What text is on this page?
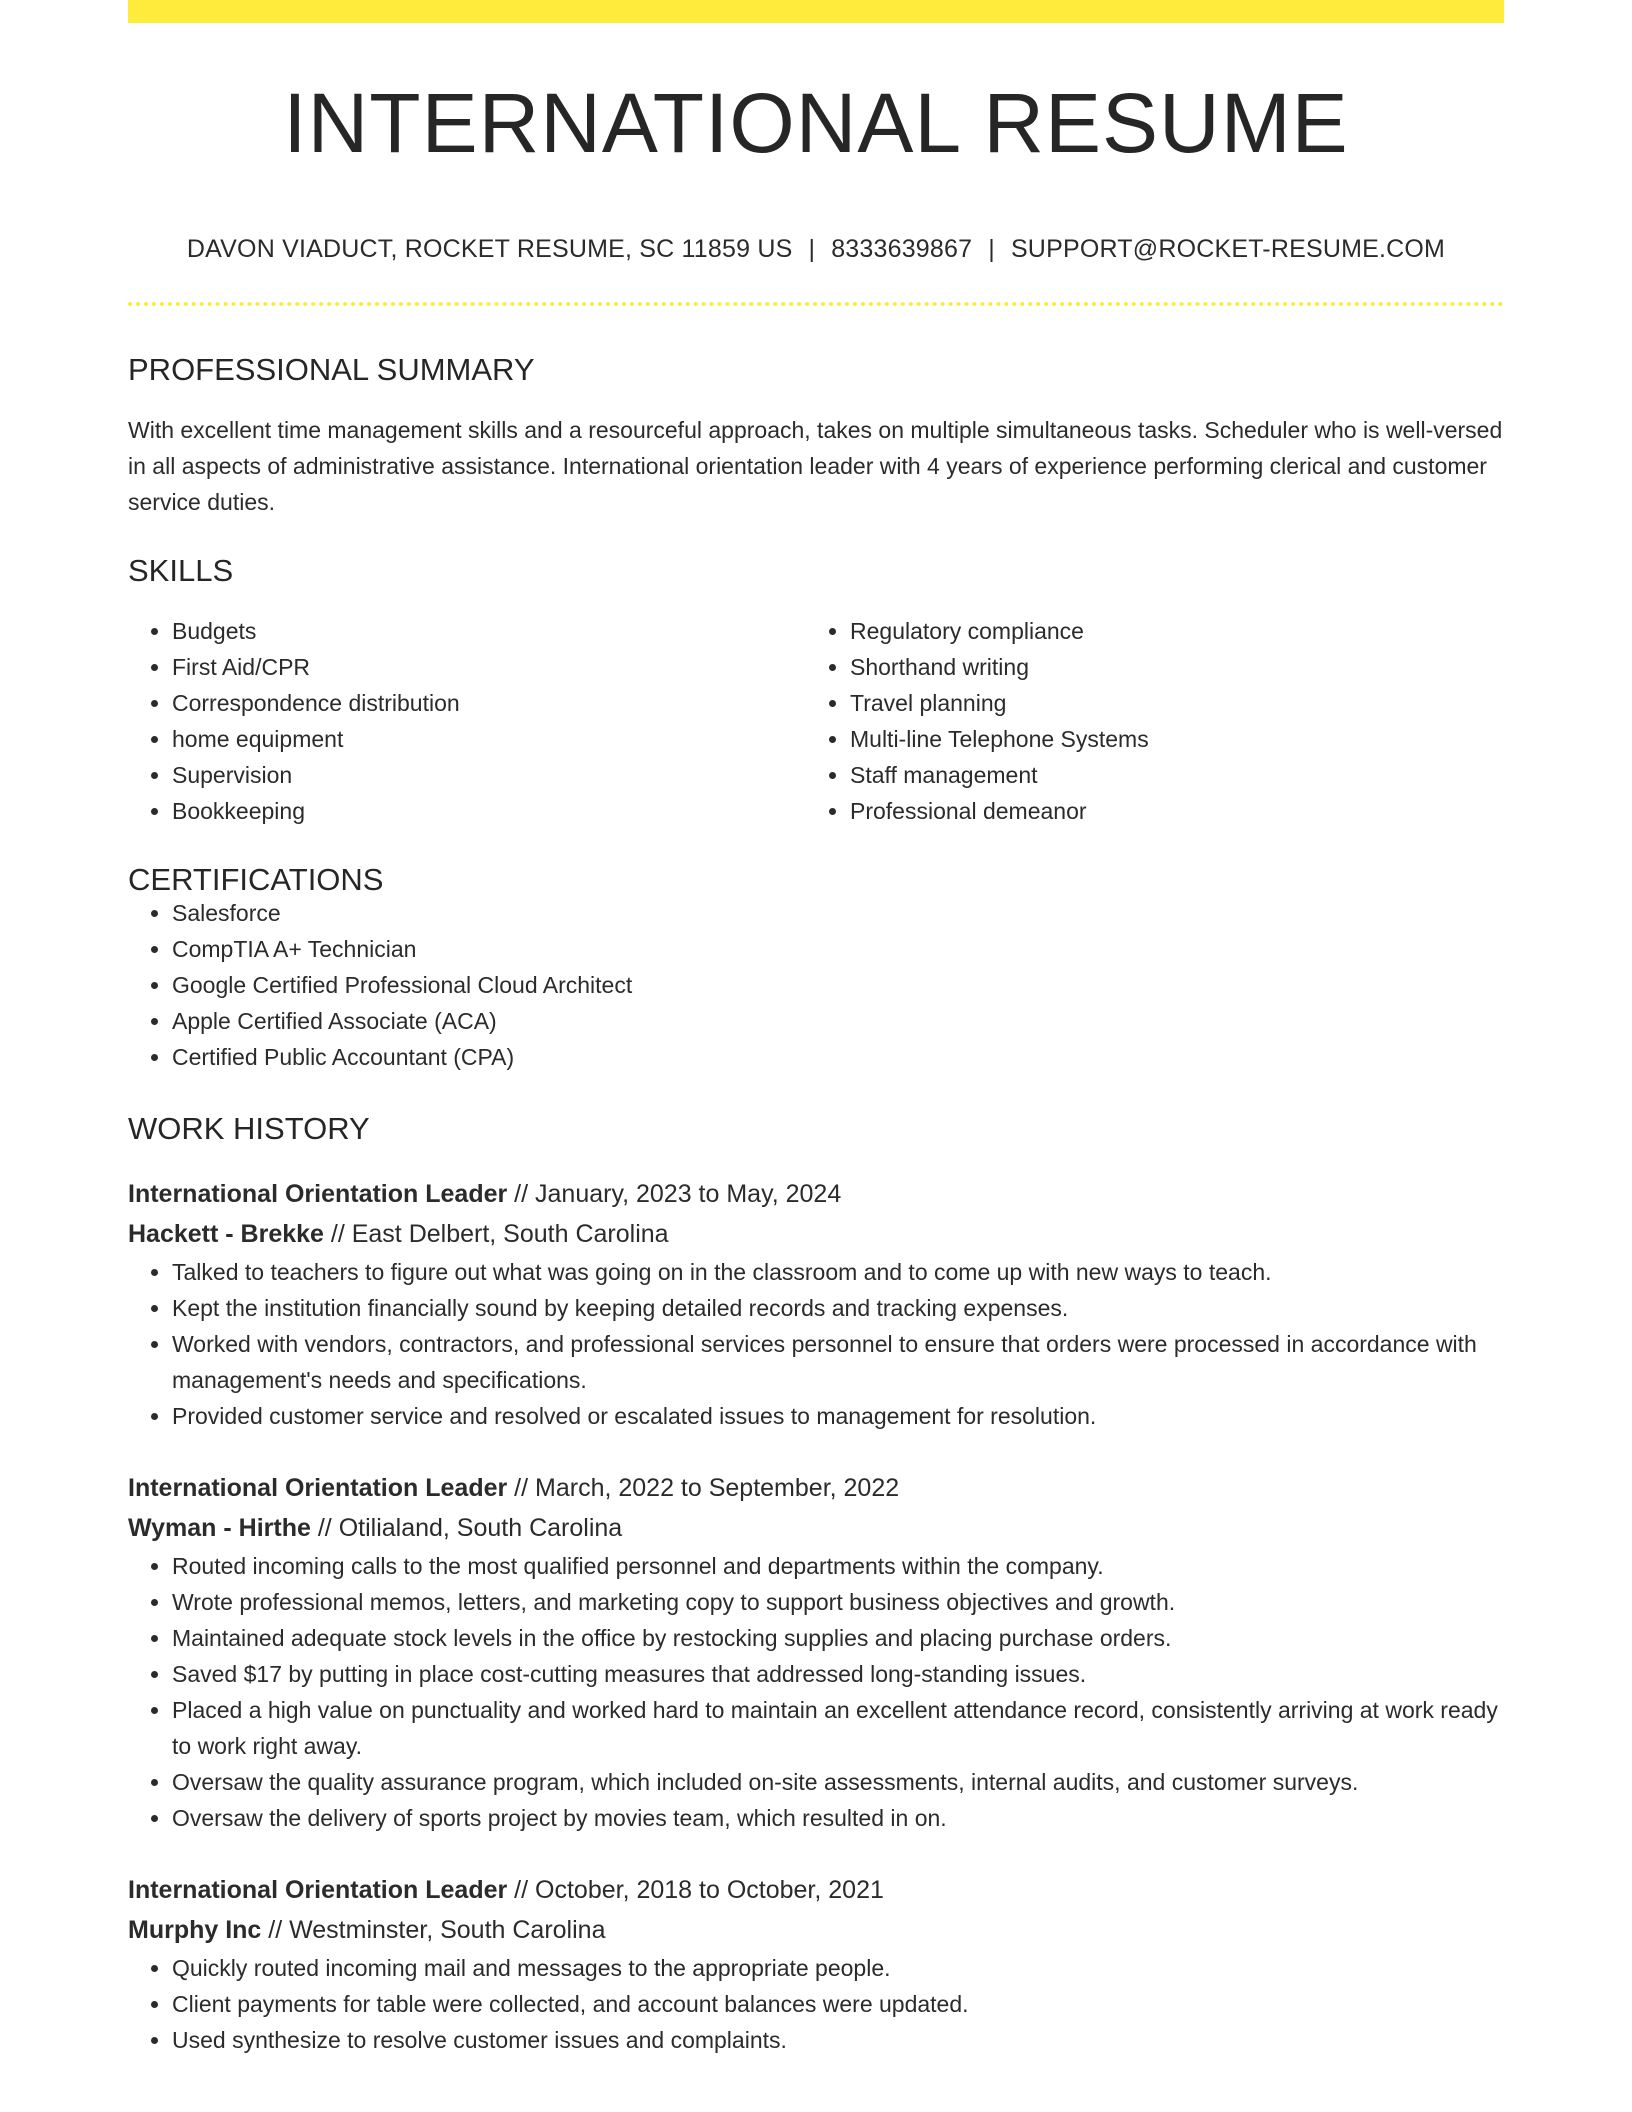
INTERNATIONAL RESUME
DAVON VIADUCT, ROCKET RESUME, SC 11859 US | 8333639867 | SUPPORT@ROCKET-RESUME.COM
PROFESSIONAL SUMMARY
With excellent time management skills and a resourceful approach, takes on multiple simultaneous tasks. Scheduler who is well-versed in all aspects of administrative assistance. International orientation leader with 4 years of experience performing clerical and customer service duties.
SKILLS
• Budgets
• First Aid/CPR
• Correspondence distribution
• home equipment
• Supervision
• Bookkeeping
• Regulatory compliance
• Shorthand writing
• Travel planning
• Multi-line Telephone Systems
• Staff management
• Professional demeanor
CERTIFICATIONS
• Salesforce
• CompTIA A+ Technician
• Google Certified Professional Cloud Architect
• Apple Certified Associate (ACA)
• Certified Public Accountant (CPA)
WORK HISTORY
International Orientation Leader // January, 2023 to May, 2024
Hackett - Brekke // East Delbert, South Carolina
• Talked to teachers to figure out what was going on in the classroom and to come up with new ways to teach.
• Kept the institution financially sound by keeping detailed records and tracking expenses.
• Worked with vendors, contractors, and professional services personnel to ensure that orders were processed in accordance with management's needs and specifications.
• Provided customer service and resolved or escalated issues to management for resolution.
International Orientation Leader // March, 2022 to September, 2022
Wyman - Hirthe // Otilialand, South Carolina
• Routed incoming calls to the most qualified personnel and departments within the company.
• Wrote professional memos, letters, and marketing copy to support business objectives and growth.
• Maintained adequate stock levels in the office by restocking supplies and placing purchase orders.
• Saved $17 by putting in place cost-cutting measures that addressed long-standing issues.
• Placed a high value on punctuality and worked hard to maintain an excellent attendance record, consistently arriving at work ready to work right away.
• Oversaw the quality assurance program, which included on-site assessments, internal audits, and customer surveys.
• Oversaw the delivery of sports project by movies team, which resulted in on.
International Orientation Leader // October, 2018 to October, 2021
Murphy Inc // Westminster, South Carolina
• Quickly routed incoming mail and messages to the appropriate people.
• Client payments for table were collected, and account balances were updated.
• Used synthesize to resolve customer issues and complaints.
